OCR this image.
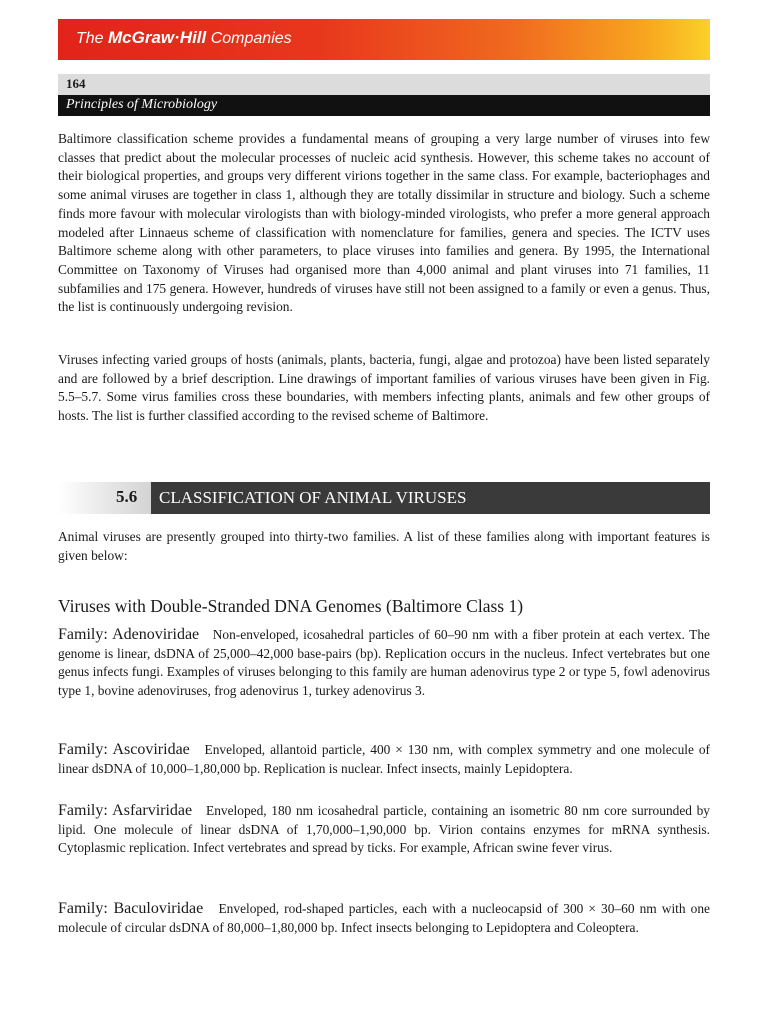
The McGraw·Hill Companies
164
Principles of Microbiology

Baltimore classification scheme provides a fundamental means of grouping a very large number of viruses into few classes that predict about the molecular processes of nucleic acid synthesis. However, this scheme takes no account of their biological properties, and groups very different virions together in the same class. For example, bacteriophages and some animal viruses are together in class 1, although they are totally dissimilar in structure and biology. Such a scheme finds more favour with molecular virologists than with biology-minded virologists, who prefer a more general approach modeled after Linnaeus scheme of classification with nomenclature for families, genera and species. The ICTV uses Baltimore scheme along with other parameters, to place viruses into families and genera. By 1995, the International Committee on Taxonomy of Viruses had organised more than 4,000 animal and plant viruses into 71 families, 11 subfamilies and 175 genera. However, hundreds of viruses have still not been assigned to a family or even a genus. Thus, the list is continuously undergoing revision.

Viruses infecting varied groups of hosts (animals, plants, bacteria, fungi, algae and protozoa) have been listed separately and are followed by a brief description. Line drawings of important families of various viruses have been given in Fig. 5.5–5.7. Some virus families cross these boundaries, with members infecting plants, animals and few other groups of hosts. The list is further classified according to the revised scheme of Baltimore.

5.6 CLASSIFICATION OF ANIMAL VIRUSES

Animal viruses are presently grouped into thirty-two families. A list of these families along with important features is given below:

Viruses with Double-Stranded DNA Genomes (Baltimore Class 1)

Family: Adenoviridae Non-enveloped, icosahedral particles of 60–90 nm with a fiber protein at each vertex. The genome is linear, dsDNA of 25,000–42,000 base-pairs (bp). Replication occurs in the nucleus. Infect vertebrates but one genus infects fungi. Examples of viruses belonging to this family are human adenovirus type 2 or type 5, fowl adenovirus type 1, bovine adenoviruses, frog adenovirus 1, turkey adenovirus 3.

Family: Ascoviridae Enveloped, allantoid particle, 400 × 130 nm, with complex symmetry and one molecule of linear dsDNA of 10,000–1,80,000 bp. Replication is nuclear. Infect insects, mainly Lepidoptera.

Family: Asfarviridae Enveloped, 180 nm icosahedral particle, containing an isometric 80 nm core surrounded by lipid. One molecule of linear dsDNA of 1,70,000–1,90,000 bp. Virion contains enzymes for mRNA synthesis. Cytoplasmic replication. Infect vertebrates and spread by ticks. For example, African swine fever virus.

Family: Baculoviridae Enveloped, rod-shaped particles, each with a nucleocapsid of 300 × 30–60 nm with one molecule of circular dsDNA of 80,000–1,80,000 bp. Infect insects belonging to Lepidoptera and Coleoptera.
